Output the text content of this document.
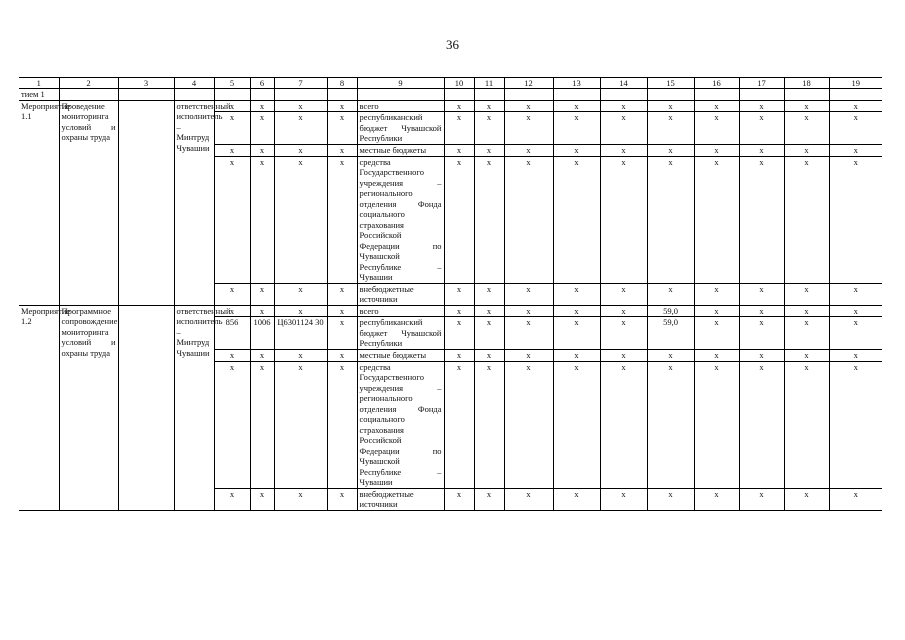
36
1	2	3	4	5	6	7	8	9	10	11	12	13	14	15	16	17	18	19
тием 1																		
Мероприятие 1.1	Проведение мониторинга условий и охраны труда		ответственный исполнитель – Минтруд Чувашии	x	x	x	x	всего	x	x	x	x	x	x	x	x	x	x
				x	x	x	x	республиканский бюджет Чувашской Республики	x	x	x	x	x	x	x	x	x	x
				x	x	x	x	местные бюджеты	x	x	x	x	x	x	x	x	x	x
				x	x	x	x	средства Государственного учреждения – регионального отделения Фонда социального страхования Российской Федерации по Чувашской Республике – Чувашии	x	x	x	x	x	x	x	x	x	x
				x	x	x	x	внебюджетные источники	x	x	x	x	x	x	x	x	x	x
Мероприятие 1.2	Программное сопровождение мониторинга условий и охраны труда		ответственный исполнитель – Минтруд Чувашии	x	x	x	x	всего	x	x	x	x	x	59,0	x	x	x	x
				856	1006	Ц6301124 30	x	республиканский бюджет Чувашской Республики	x	x	x	x	x	59,0	x	x	x	x
				x	x	x	x	местные бюджеты	x	x	x	x	x	x	x	x	x	x
				x	x	x	x	средства Государственного учреждения – регионального отделения Фонда социального страхования Российской Федерации по Чувашской Республике – Чувашии	x	x	x	x	x	x	x	x	x	x
				x	x	x	x	внебюджетные источники	x	x	x	x	x	x	x	x	x	x
